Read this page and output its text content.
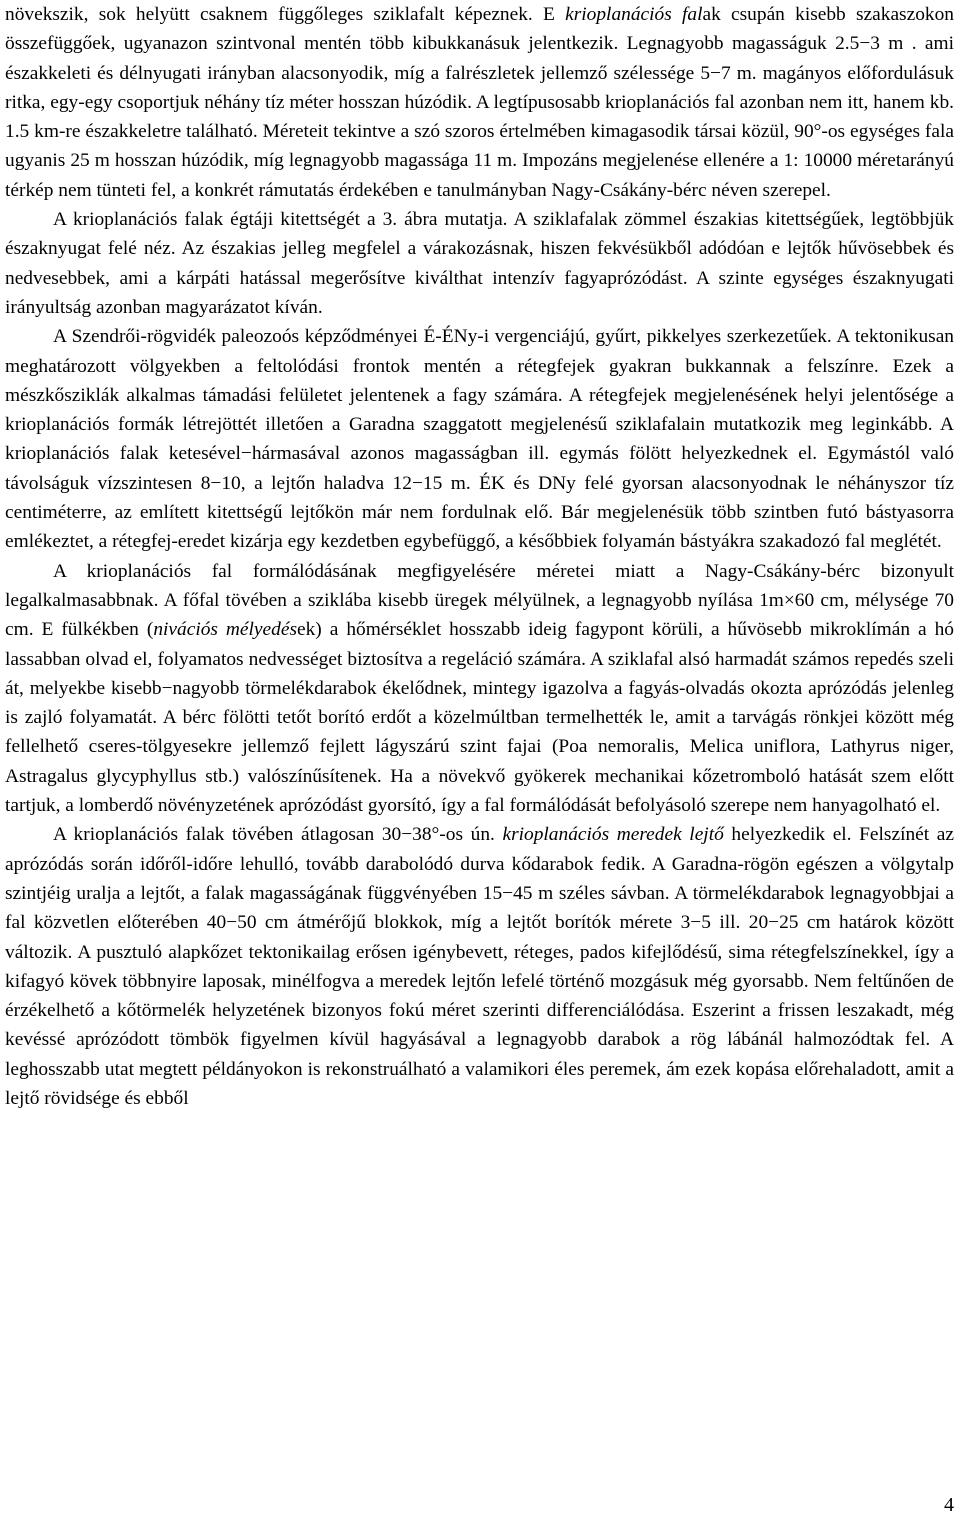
növekszik, sok helyütt csaknem függőleges sziklafalt képeznek. E krioplanációs falak csupán kisebb szakaszokon összefüggőek, ugyanazon szintvonal mentén több kibukkanásuk jelentkezik. Legnagyobb magasságuk 2.5−3 m . ami északkeleti és délnyugati irányban alacsonyodik, míg a falrészletek jellemző szélessége 5−7 m. magányos előfordulásuk ritka, egy-egy csoportjuk néhány tíz méter hosszan húzódik. A legtípusosabb krioplanációs fal azonban nem itt, hanem kb. 1.5 km-re északkeletre található. Méreteit tekintve a szó szoros értelmében kimagasodik társai közül, 90°-os egységes fala ugyanis 25 m hosszan húzódik, míg legnagyobb magassága 11 m. Impozáns megjelenése ellenére a 1: 10000 méretarányú térkép nem tünteti fel, a konkrét rámutatás érdekében e tanulmányban Nagy-Csákány-bérc néven szerepel.

A krioplanációs falak égtáji kitettségét a 3. ábra mutatja. A sziklafalak zömmel északias kitettségűek, legtöbbjük északnyugat felé néz. Az északias jelleg megfelel a várakozásnak, hiszen fekvésükből adódóan e lejtők hűvösebbek és nedvesebbek, ami a kárpáti hatással megerősítve kiválthat intenzív fagyaprózódást. A szinte egységes északnyugati irányultság azonban magyarázatot kíván.

A Szendrői-rögvidék paleozoós képződményei É-ÉNy-i vergenciájú, gyűrt, pikkelyes szerkezetűek. A tektonikusan meghatározott völgyekben a feltolódási frontok mentén a rétegfejek gyakran bukkannak a felszínre. Ezek a mészkősziklák alkalmas támadási felületet jelentenek a fagy számára. A rétegfejek megjelenésének helyi jelentősége a krioplanációs formák létrejöttét illetően a Garadna szaggatott megjelenésű sziklafalain mutatkozik meg leginkább. A krioplanációs falak ketesével−hármasával azonos magasságban ill. egymás fölött helyezkednek el. Egymástól való távolságuk vízszintesen 8−10, a lejtőn haladva 12−15 m. ÉK és DNy felé gyorsan alacsonyodnak le néhányszor tíz centiméterre, az említett kitettségű lejtőkön már nem fordulnak elő. Bár megjelenésük több szintben futó bástyasorra emlékeztet, a rétegfej-eredet kizárja egy kezdetben egybefüggő, a későbbiek folyamán bástyákra szakadozó fal meglétét.

A krioplanációs fal formálódásának megfigyelésére méretei miatt a Nagy-Csákány-bérc bizonyult legalkalmasabbnak. A főfal tövében a sziklába kisebb üregek mélyülnek, a legnagyobb nyílása 1m×60 cm, mélysége 70 cm. E fülkékben (nivációs mélyedések) a hőmérséklet hosszabb ideig fagypont körüli, a hűvösebb mikroklímán a hó lassabban olvad el, folyamatos nedvességet biztosítva a regeláció számára. A sziklafal alsó harmadát számos repedés szeli át, melyekbe kisebb−nagyobb törmelékdarabok ékelődnek, mintegy igazolva a fagyás-olvadás okozta aprózódás jelenleg is zajló folyamatát. A bérc fölötti tetőt borító erdőt a közelmúltban termelhették le, amit a tarvágás rönkjei között még fellelhető cseres-tölgyesekre jellemző fejlett lágyszárú szint fajai (Poa nemoralis, Melica uniflora, Lathyrus niger, Astragalus glycyphyllus stb.) valószínűsítenek. Ha a növekvő gyökerek mechanikai kőzetromboló hatását szem előtt tartjuk, a lomberdő növényzetének aprózódást gyorsító, így a fal formálódását befolyásoló szerepe nem hanyagolható el.

A krioplanációs falak tövében átlagosan 30−38°-os ún. krioplanációs meredek lejtő helyezkedik el. Felszínét az aprózódás során időről-időre lehulló, tovább darabolódó durva kődarabok fedik. A Garadna-rögön egészen a völgytalp szintjéig uralja a lejtőt, a falak magasságának függvényében 15−45 m széles sávban. A törmelékdarabok legnagyobbjai a fal közvetlen előterében 40−50 cm átmérőjű blokkok, míg a lejtőt borítók mérete 3−5 ill. 20−25 cm határok között változik. A pusztuló alapkőzet tektonikailag erősen igénybevett, réteges, pados kifejlődésű, sima rétegfelszínekkel, így a kifagyó kövek többnyire laposak, minélfogva a meredek lejtőn lefelé történő mozgásuk még gyorsabb. Nem feltűnően de érzékelhető a kőtörmelék helyzetének bizonyos fokú méret szerinti differenciálódása. Eszerint a frissen leszakadt, még kevéssé aprózódott tömbök figyelmen kívül hagyásával a legnagyobb darabok a rög lábánál halmozódtak fel. A leghosszabb utat megtett példányokon is rekonstruálható a valamikori éles peremek, ám ezek kopása előrehaladott, amit a lejtő rövidsége és ebből

4
